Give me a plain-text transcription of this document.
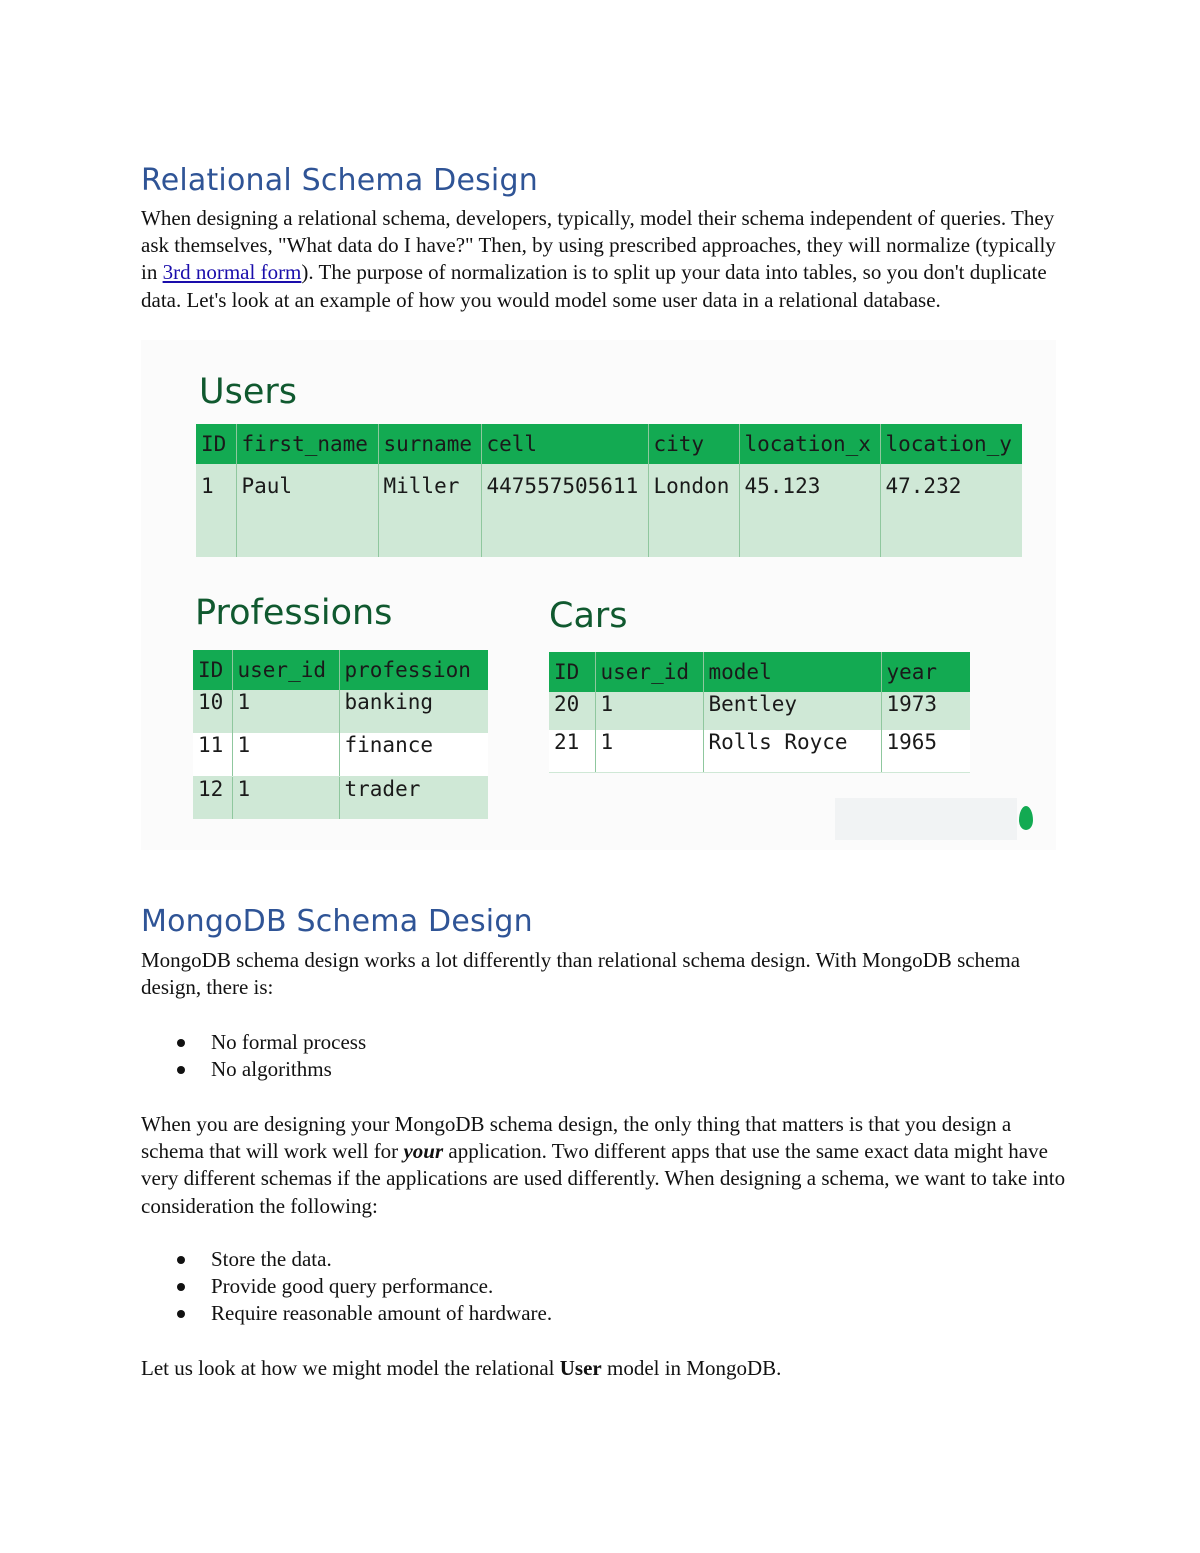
Relational Schema Design

When designing a relational schema, developers, typically, model their schema independent of queries. They ask themselves, "What data do I have?" Then, by using prescribed approaches, they will normalize (typically in 3rd normal form). The purpose of normalization is to split up your data into tables, so you don't duplicate data. Let's look at an example of how you would model some user data in a relational database.

Users
ID	first_name	surname	cell	city	location_x	location_y
1	Paul	Miller	447557505611	London	45.123	47.232
Professions
ID	user_id	profession
10	1	banking
11	1	finance
12	1	trader
Cars
ID	user_id	model	year
20	1	Bentley	1973
21	1	Rolls Royce	1965
MongoDB Schema Design

MongoDB schema design works a lot differently than relational schema design. With MongoDB schema design, there is:

No formal process
No algorithms

When you are designing your MongoDB schema design, the only thing that matters is that you design a schema that will work well for your application. Two different apps that use the same exact data might have very different schemas if the applications are used differently. When designing a schema, we want to take into consideration the following:

Store the data.
Provide good query performance.
Require reasonable amount of hardware.

Let us look at how we might model the relational User model in MongoDB.
